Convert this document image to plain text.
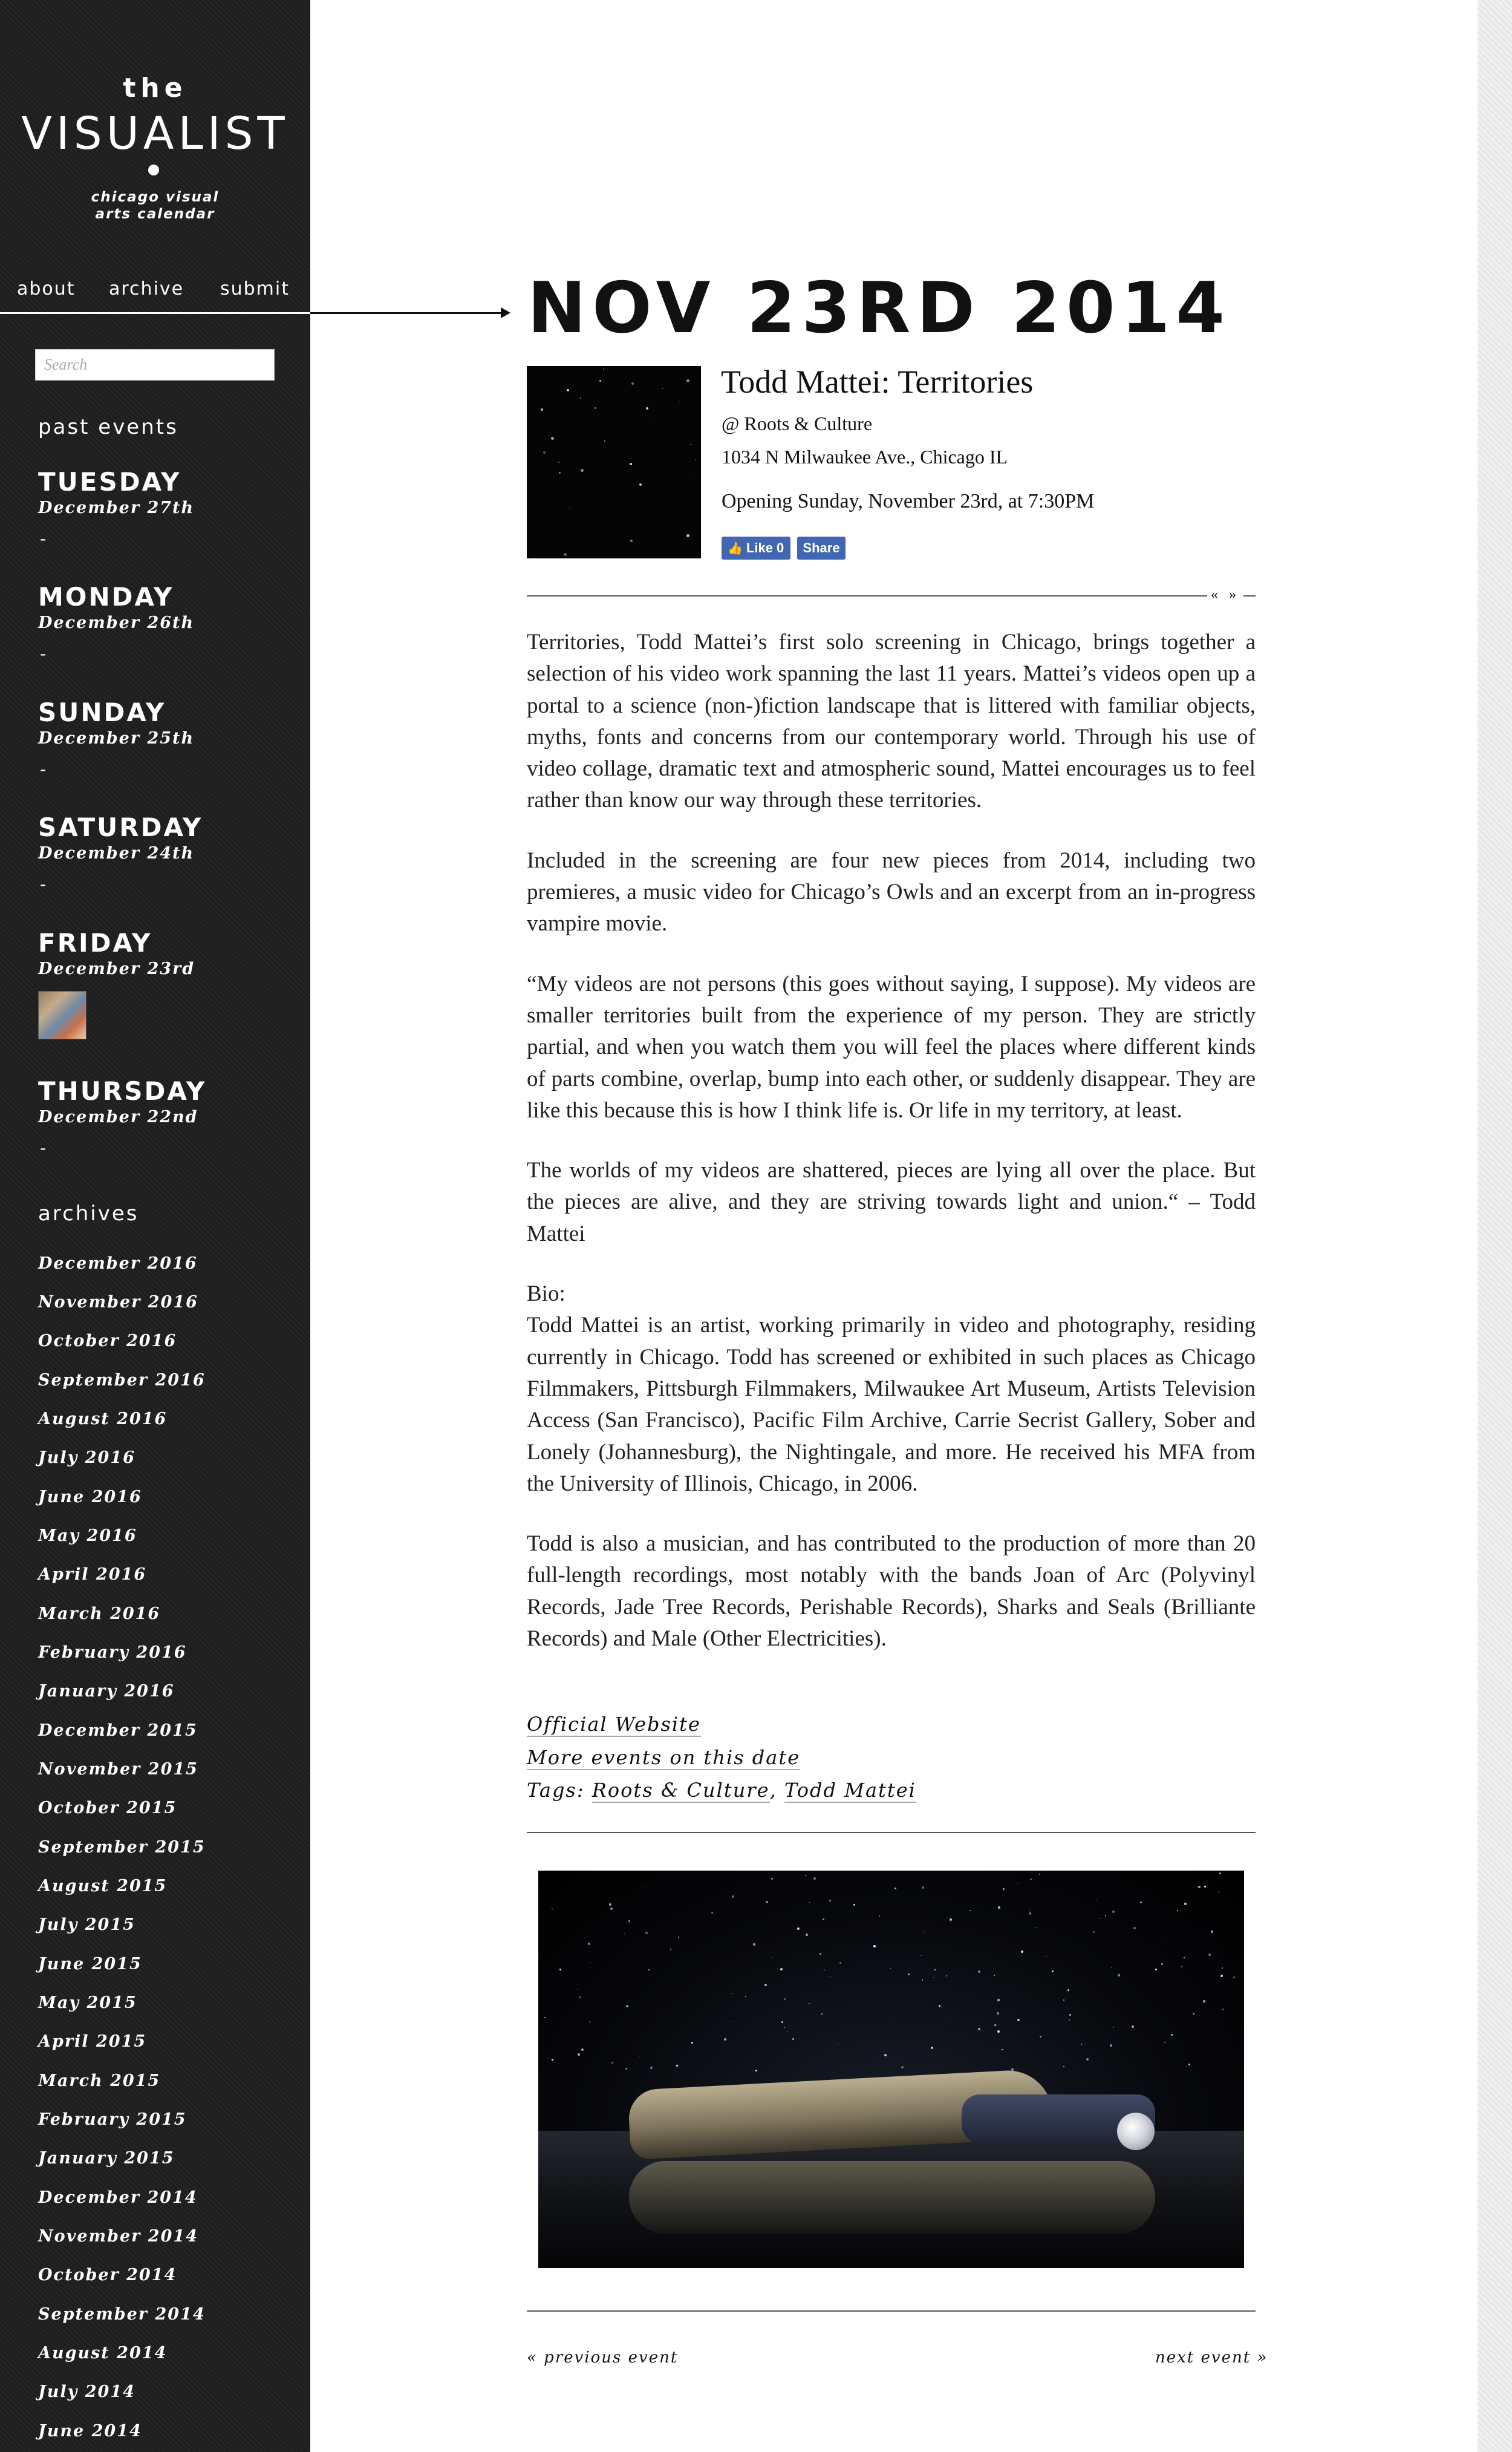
the
VISUALIST
chicago visual
arts calendar
about archive submit
Search
past events
TUESDAY
December 27th
-
MONDAY
December 26th
-
SUNDAY
December 25th
-
SATURDAY
December 24th
-
FRIDAY
December 23rd
THURSDAY
December 22nd
-
archives
December 2016
November 2016
October 2016
September 2016
August 2016
July 2016
June 2016
May 2016
April 2016
March 2016
February 2016
January 2016
December 2015
November 2015
October 2015
September 2015
August 2015
July 2015
June 2015
May 2015
April 2015
March 2015
February 2015
January 2015
December 2014
November 2014
October 2014
September 2014
August 2014
July 2014
June 2014
NOV 23RD 2014
Todd Mattei: Territories
@ Roots & Culture
1034 N Milwaukee Ave., Chicago IL
Opening Sunday, November 23rd, at 7:30PM
👍 Like 0	Share
« »

Territories, Todd Mattei’s first solo screening in Chicago, brings together a selection of his video work spanning the last 11 years. Mattei’s videos open up a portal to a science (non-)fiction landscape that is littered with familiar objects, myths, fonts and concerns from our contemporary world. Through his use of video collage, dramatic text and atmospheric sound, Mattei encourages us to feel rather than know our way through these territories.

Included in the screening are four new pieces from 2014, including two premieres, a music video for Chicago’s Owls and an excerpt from an in-progress vampire movie.

“My videos are not persons (this goes without saying, I suppose). My videos are smaller territories built from the experience of my person. They are strictly partial, and when you watch them you will feel the places where different kinds of parts combine, overlap, bump into each other, or suddenly disappear. They are like this because this is how I think life is. Or life in my territory, at least.

The worlds of my videos are shattered, pieces are lying all over the place. But the pieces are alive, and they are striving towards light and union.“ – Todd Mattei

Bio:

Todd Mattei is an artist, working primarily in video and photography, residing currently in Chicago. Todd has screened or exhibited in such places as Chicago Filmmakers, Pittsburgh Filmmakers, Milwaukee Art Museum, Artists Television Access (San Francisco), Pacific Film Archive, Carrie Secrist Gallery, Sober and Lonely (Johannesburg), the Nightingale, and more. He received his MFA from the University of Illinois, Chicago, in 2006.

Todd is also a musician, and has contributed to the production of more than 20 full-length recordings, most notably with the bands Joan of Arc (Polyvinyl Records, Jade Tree Records, Perishable Records), Sharks and Seals (Brilliante Records) and Male (Other Electricities).

Official Website
More events on this date
Tags: Roots & Culture, Todd Mattei
« previous event	next event »
